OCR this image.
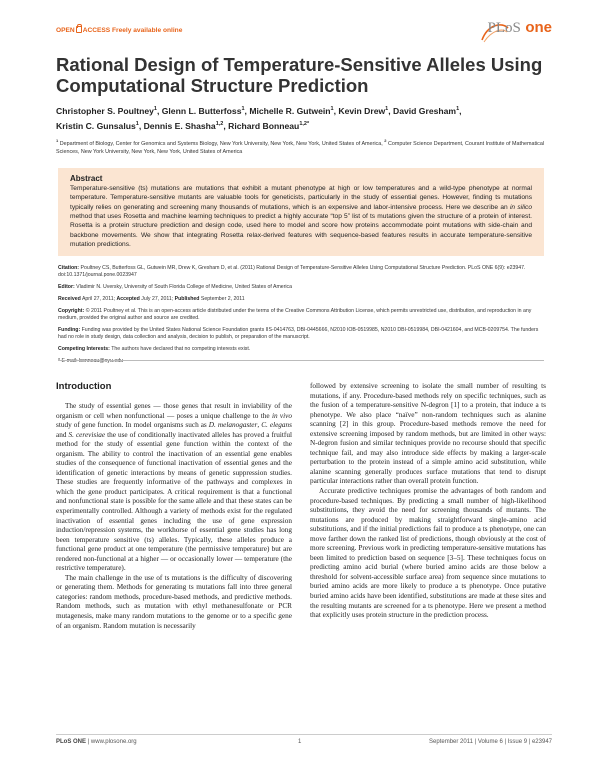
OPEN ACCESS Freely available online	PLoS one
Rational Design of Temperature-Sensitive Alleles Using Computational Structure Prediction
Christopher S. Poultney$^1$, Glenn L. Butterfoss$^1$, Michelle R. Gutwein$^1$, Kevin Drew$^1$, David Gresham$^1$,
Kristin C. Gunsalus$^1$, Dennis E. Shasha$^{1,2}$, Richard Bonneau$^{1,2*}$
$^1$ Department of Biology, Center for Genomics and Systems Biology, New York University, New York, New York, United States of America, $^2$ Computer Science Department, Courant Institute of Mathematical Sciences, New York University, New York, New York, United States of America
Abstract
Temperature-sensitive (ts) mutations are mutations that exhibit a mutant phenotype at high or low temperatures and a wild-type phenotype at normal temperature. Temperature-sensitive mutants are valuable tools for geneticists, particularly in the study of essential genes. However, finding ts mutations typically relies on generating and screening many thousands of mutations, which is an expensive and labor-intensive process. Here we describe an in silico method that uses Rosetta and machine learning techniques to predict a highly accurate “top 5” list of ts mutations given the structure of a protein of interest. Rosetta is a protein structure prediction and design code, used here to model and score how proteins accommodate point mutations with side-chain and backbone movements. We show that integrating Rosetta relax-derived features with sequence-based features results in accurate temperature-sensitive mutation predictions.

Citation: Poultney CS, Butterfoss GL, Gutwein MR, Drew K, Gresham D, et al. (2011) Rational Design of Temperature-Sensitive Alleles Using Computational Structure Prediction. PLoS ONE 6(9): e23947. doi:10.1371/journal.pone.0023947

Editor: Vladimir N. Uversky, University of South Florida College of Medicine, United States of America

Received April 27, 2011; Accepted July 27, 2011; Published September 2, 2011

Copyright: © 2011 Poultney et al. This is an open-access article distributed under the terms of the Creative Commons Attribution License, which permits unrestricted use, distribution, and reproduction in any medium, provided the original author and source are credited.

Funding: Funding was provided by the United States National Science Foundation grants IIS-0414763, DBI-0445666, N2010 IOB-0519985, N2010 DBI-0519984, DBI-0421604, and MCB-0209754. The funders had no role in study design, data collection and analysis, decision to publish, or preparation of the manuscript.

Competing Interests: The authors have declared that no competing interests exist.

* E-mail: bonneau@nyu.edu

Introduction

The study of essential genes — those genes that result in inviability of the organism or cell when nonfunctional — poses a unique challenge to the in vivo study of gene function. In model organisms such as D. melanogaster, C. elegans and S. cerevisiae the use of conditionally inactivated alleles has proved a fruitful method for the study of essential gene function within the context of the organism. The ability to control the inactivation of an essential gene enables studies of the consequence of functional inactivation of essential genes and the identification of genetic interactions by means of genetic suppression studies. These studies are frequently informative of the pathways and complexes in which the gene product participates. A critical requirement is that a functional and nonfunctional state is possible for the same allele and that these states can be experimentally controlled. Although a variety of methods exist for the regulated inactivation of essential genes including the use of gene expression induction/repression systems, the workhorse of essential gene studies has long been temperature sensitive (ts) alleles. Typically, these alleles produce a functional gene product at one temperature (the permissive temperature) but are rendered non-functional at a higher — or occasionally lower — temperature (the restrictive temperature).

The main challenge in the use of ts mutations is the difficulty of discovering or generating them. Methods for generating ts mutations fall into three general categories: random methods, procedure-based methods, and predictive methods. Random methods, such as mutation with ethyl methanesulfonate or PCR mutagenesis, make many random mutations to the genome or to a specific gene of an organism. Random mutation is necessarily

followed by extensive screening to isolate the small number of resulting ts mutations, if any. Procedure-based methods rely on specific techniques, such as the fusion of a temperature-sensitive N-degron [1] to a protein, that induce a ts phenotype. We also place “naïve” non-random techniques such as alanine scanning [2] in this group. Procedure-based methods remove the need for extensive screening imposed by random methods, but are limited in other ways: N-degron fusion and similar techniques provide no recourse should that specific technique fail, and may also introduce side effects by making a larger-scale perturbation to the protein instead of a simple amino acid substitution, while alanine scanning generally produces surface mutations that tend to disrupt particular interactions rather than overall protein function.

Accurate predictive techniques promise the advantages of both random and procedure-based techniques. By predicting a small number of high-likelihood substitutions, they avoid the need for screening thousands of mutants. The mutations are produced by making straightforward single-amino acid substitutions, and if the initial predictions fail to produce a ts phenotype, one can move farther down the ranked list of predictions, though obviously at the cost of more screening. Previous work in predicting temperature-sensitive mutations has been limited to prediction based on sequence [3–5]. These techniques focus on predicting amino acid burial (where buried amino acids are those below a threshold for solvent-accessible surface area) from sequence since mutations to buried amino acids are more likely to produce a ts phenotype. Once putative buried amino acids have been identified, substitutions are made at these sites and the resulting mutants are screened for a ts phenotype. Here we present a method that explicitly uses protein structure in the prediction process.

PLoS ONE | www.plosone.org	1	September 2011 | Volume 6 | Issue 9 | e23947
